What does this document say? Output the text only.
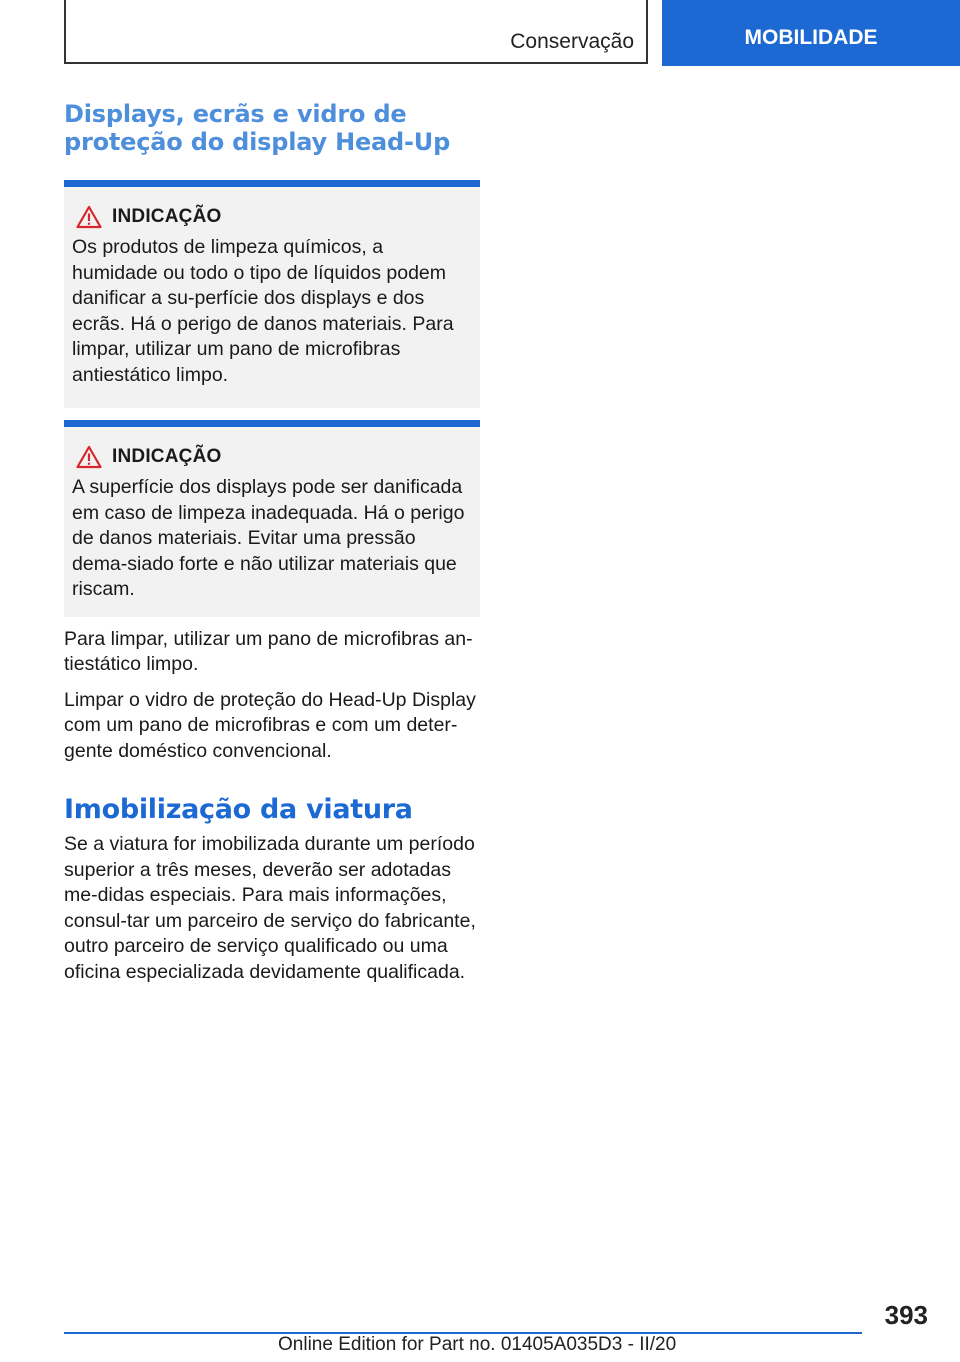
Conservação	MOBILIDADE
Displays, ecrãs e vidro de proteção do display Head-Up
INDICAÇÃO

Os produtos de limpeza químicos, a humidade ou todo o tipo de líquidos podem danificar a su-perfície dos displays e dos ecrãs. Há o perigo de danos materiais. Para limpar, utilizar um pano de microfibras antiestático limpo.

INDICAÇÃO

A superfície dos displays pode ser danificada em caso de limpeza inadequada. Há o perigo de danos materiais. Evitar uma pressão dema-siado forte e não utilizar materiais que riscam.

Para limpar, utilizar um pano de microfibras an-tiestático limpo.

Limpar o vidro de proteção do Head-Up Display com um pano de microfibras e com um deter-gente doméstico convencional.

Imobilização da viatura

Se a viatura for imobilizada durante um período superior a três meses, deverão ser adotadas me-didas especiais. Para mais informações, consul-tar um parceiro de serviço do fabricante, outro parceiro de serviço qualificado ou uma oficina especializada devidamente qualificada.

393
Online Edition for Part no. 01405A035D3 - II/20
